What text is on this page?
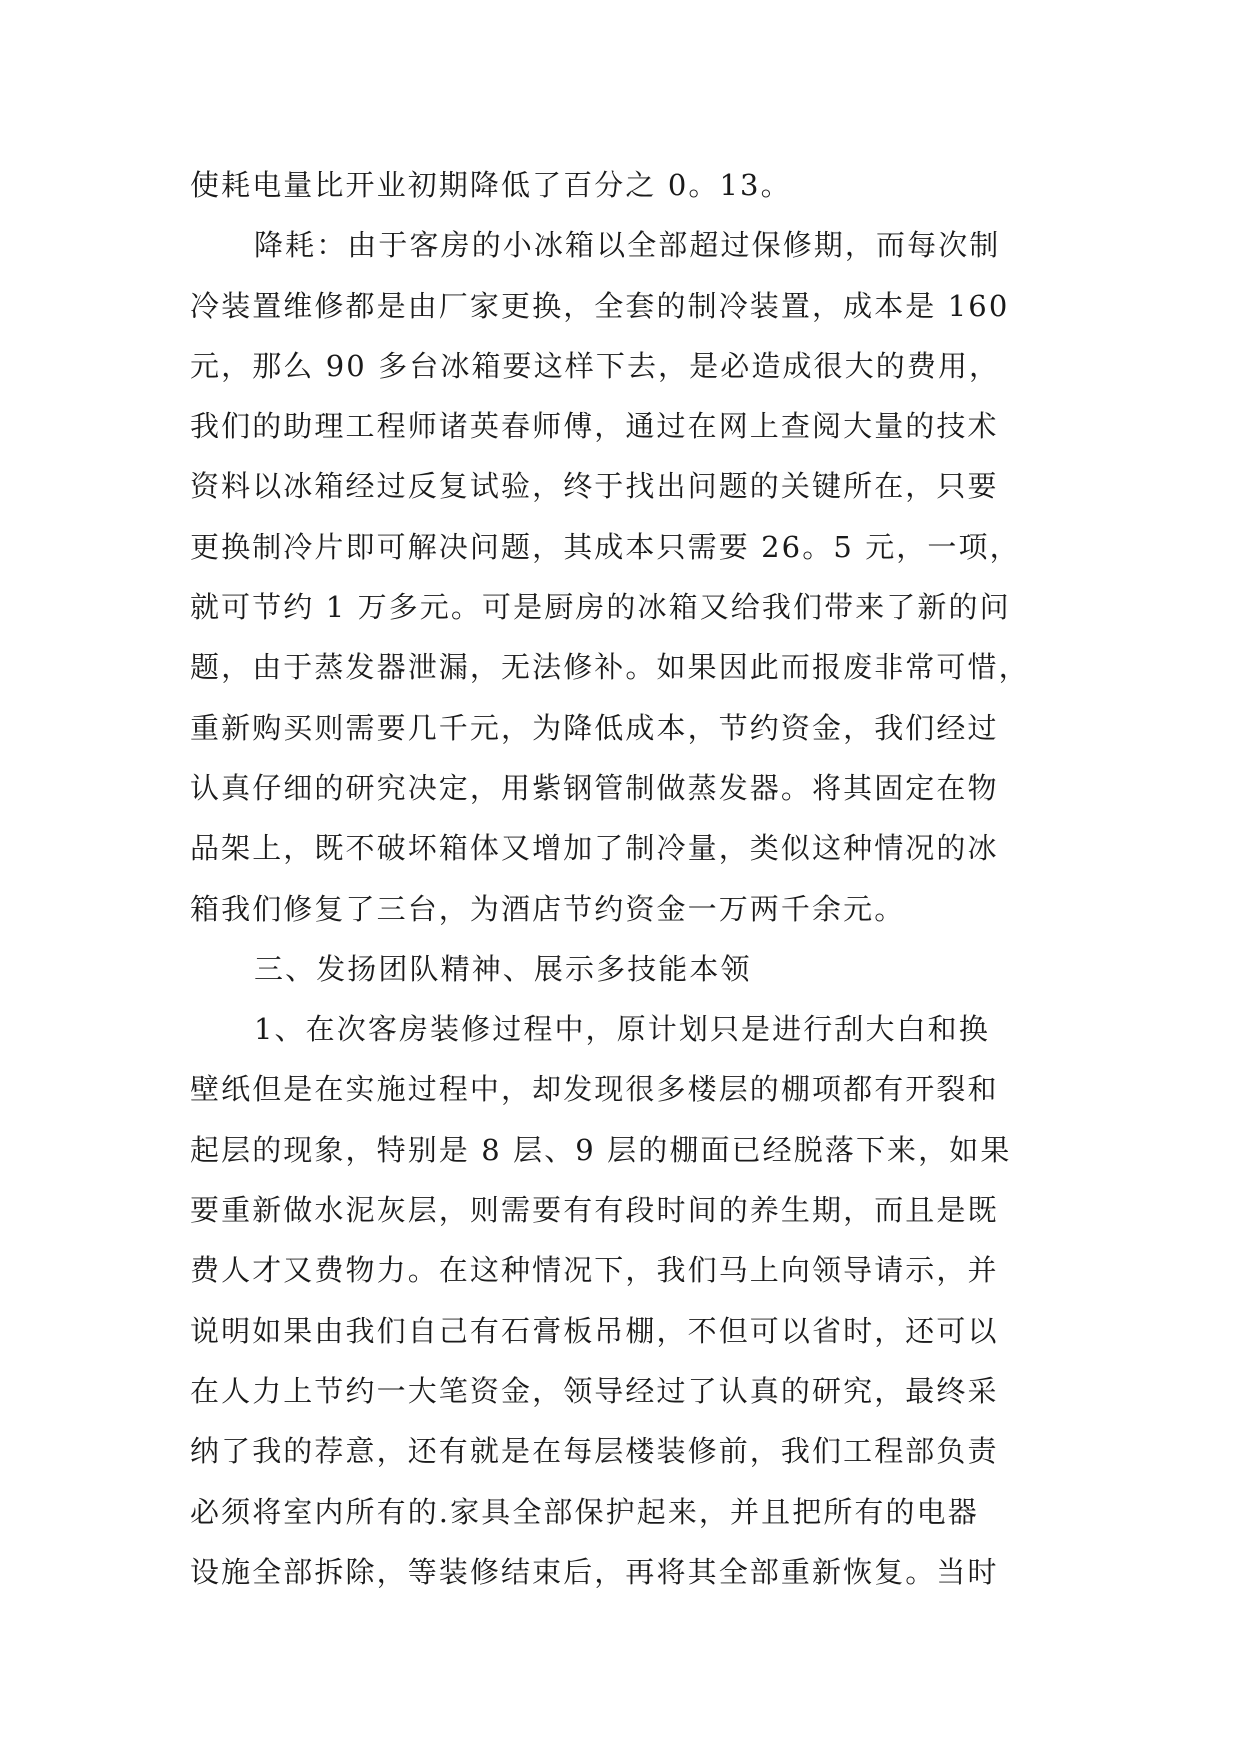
使耗电量比开业初期降低了百分之 0。13。
降耗：由于客房的小冰箱以全部超过保修期，而每次制
冷装置维修都是由厂家更换，全套的制冷装置，成本是 160
元，那么 90 多台冰箱要这样下去，是必造成很大的费用，
我们的助理工程师诸英春师傅，通过在网上查阅大量的技术
资料以冰箱经过反复试验，终于找出问题的关键所在，只要
更换制冷片即可解决问题，其成本只需要 26。5 元，一项，
就可节约 1 万多元。可是厨房的冰箱又给我们带来了新的问
题，由于蒸发器泄漏，无法修补。如果因此而报废非常可惜，
重新购买则需要几千元，为降低成本，节约资金，我们经过
认真仔细的研究决定，用紫钢管制做蒸发器。将其固定在物
品架上，既不破坏箱体又增加了制冷量，类似这种情况的冰
箱我们修复了三台，为酒店节约资金一万两千余元。
三、发扬团队精神、展示多技能本领
1、在次客房装修过程中，原计划只是进行刮大白和换
壁纸但是在实施过程中，却发现很多楼层的棚项都有开裂和
起层的现象，特别是 8 层、9 层的棚面已经脱落下来，如果
要重新做水泥灰层，则需要有有段时间的养生期，而且是既
费人才又费物力。在这种情况下，我们马上向领导请示，并
说明如果由我们自己有石膏板吊棚，不但可以省时，还可以
在人力上节约一大笔资金，领导经过了认真的研究，最终采
纳了我的荐意，还有就是在每层楼装修前，我们工程部负责
必须将室内所有的.家具全部保护起来，并且把所有的电器
设施全部拆除，等装修结束后，再将其全部重新恢复。当时
